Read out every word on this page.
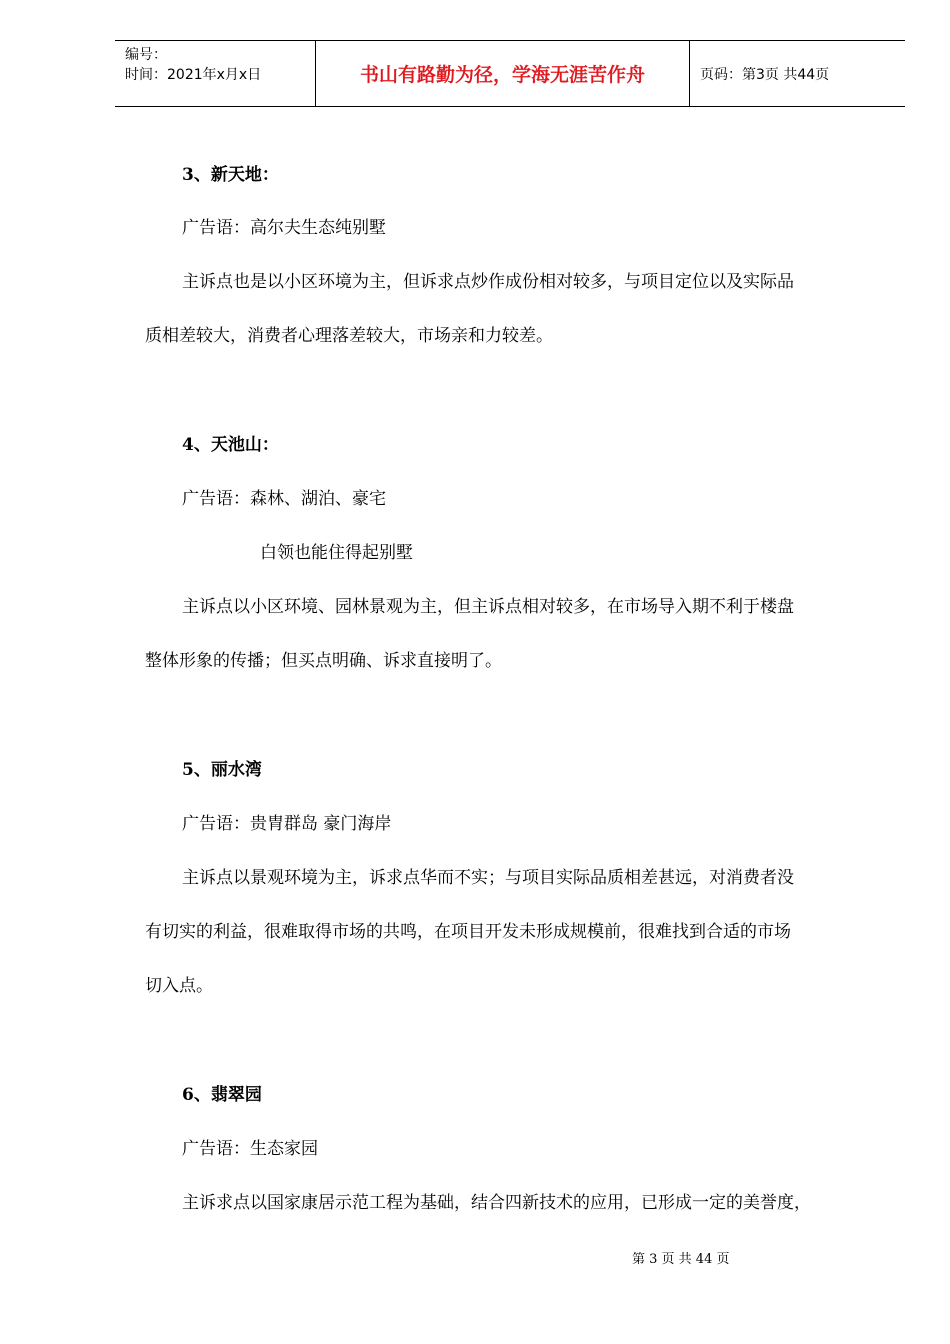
编号：
时间：2021年x月x日	书山有路勤为径，学海无涯苦作舟	页码：第3页 共44页
3、新天地：
广告语：高尔夫生态纯别墅
主诉点也是以小区环境为主，但诉求点炒作成份相对较多，与项目定位以及实际品
质相差较大，消费者心理落差较大，市场亲和力较差。
4、天池山：
广告语：森林、湖泊、豪宅
白领也能住得起别墅
主诉点以小区环境、园林景观为主，但主诉点相对较多，在市场导入期不利于楼盘
整体形象的传播；但买点明确、诉求直接明了。
5、丽水湾
广告语：贵胄群岛 豪门海岸
主诉点以景观环境为主，诉求点华而不实；与项目实际品质相差甚远，对消费者没
有切实的利益，很难取得市场的共鸣，在项目开发未形成规模前，很难找到合适的市场
切入点。
6、翡翠园
广告语：生态家园
主诉求点以国家康居示范工程为基础，结合四新技术的应用，已形成一定的美誉度，
第 3 页 共 44 页
